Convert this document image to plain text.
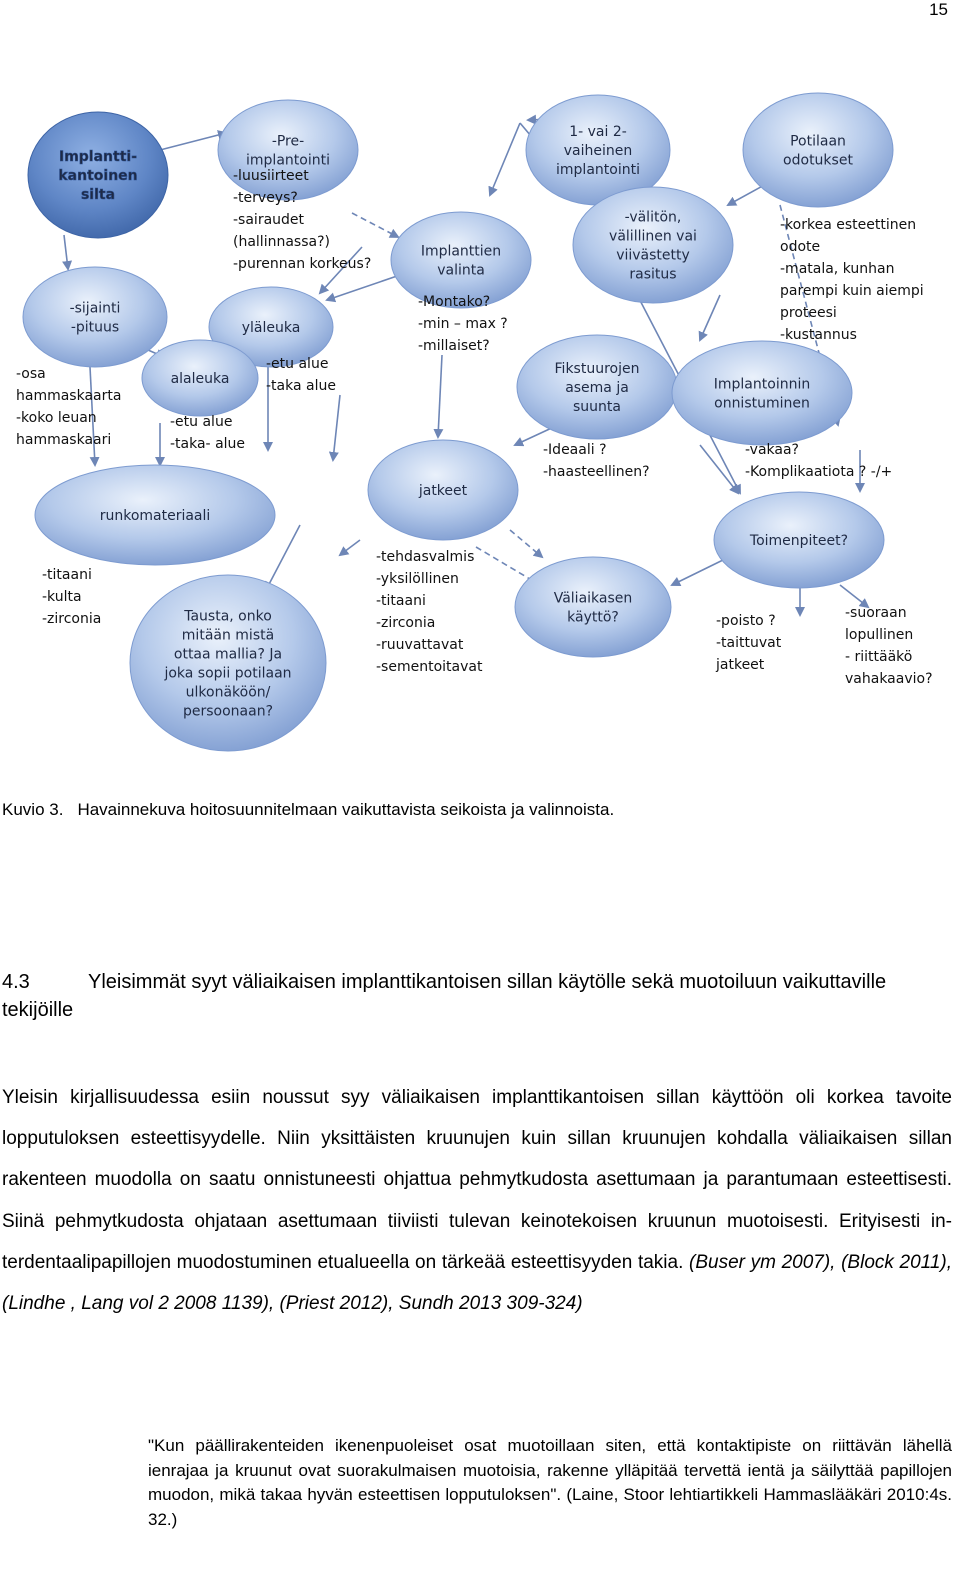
15
Implantti-
kantoinen
silta
-Pre-
implantointi
1- vai 2-
vaiheinen
implantointi
Potilaan
odotukset
Implanttien
valinta
-välitön,
välillinen vai
viivästetty
rasitus
-sijainti
-pituus	yläleuka
alaleuka
Fikstuurojen
asema ja
suunta
Implantoinnin
onnistuminen
runkomateriaali
jatkeet
Toimenpiteet?
Tausta, onko
mitään mistä
ottaa mallia? Ja
joka sopii potilaan
ulkonäköön/
persoonaan?
Väliaikasen
käyttö?
-luusiirteet
-terveys?
-sairaudet
(hallinnassa?)
-purennan korkeus?
-korkea esteettinen
odote
-matala, kunhan
parempi kuin aiempi
proteesi
-kustannus
-Montako?
-min – max ?
-millaiset?
-osa
hammaskaarta
-koko leuan
hammaskaari
-etu alue
-taka alue
-etu alue
-taka- alue	-Ideaali ?
-haasteellinen?
-vakaa?
-Komplikaatiota ? -/+
-titaani
-kulta
-zirconia
-tehdasvalmis
-yksilöllinen
-titaani
-zirconia
-ruuvattavat
-sementoitavat
-poisto ?
-taittuvat
jatkeet
-suoraan
lopullinen
- riittääkö
vahakaavio?
Kuvio 3. Havainnekuva hoitosuunnitelmaan vaikuttavista seikoista ja valinnoista.
4.3	Yleisimmät syyt väliaikaisen implanttikantoisen sillan käytölle sekä muotoiluun vaikuttaville tekijöille
Yleisin kirjallisuudessa esiin noussut syy väliaikaisen implanttikantoisen sillan käyttöön oli korkea tavoite lopputuloksen esteettisyydelle. Niin yksittäisten kruunujen kuin sillan kruunujen kohdalla väliaikaisen sillan rakenteen muodolla on saatu onnistuneesti ohjattua pehmytkudosta asettumaan ja parantumaan esteettisesti. Siinä pehmytkudosta ohjataan asettumaan tiiviisti tulevan keinotekoisen kruunun muotoisesti. Erityisesti interdentaalipapillojen muodostuminen etualueella on tärkeää esteettisyyden takia. (Buser ym 2007), (Block 2011), (Lindhe , Lang vol 2 2008 1139), (Priest 2012), Sundh 2013 309-324)
"Kun päällirakenteiden ikenenpuoleiset osat muotoillaan siten, että kontaktipiste on riittävän lähellä ienrajaa ja kruunut ovat suorakulmaisen muotoisia, rakenne ylläpitää tervettä ientä ja säilyttää papillojen muodon, mikä takaa hyvän esteettisen lopputuloksen". (Laine, Stoor lehtiartikkeli Hammaslääkäri 2010:4s. 32.)
